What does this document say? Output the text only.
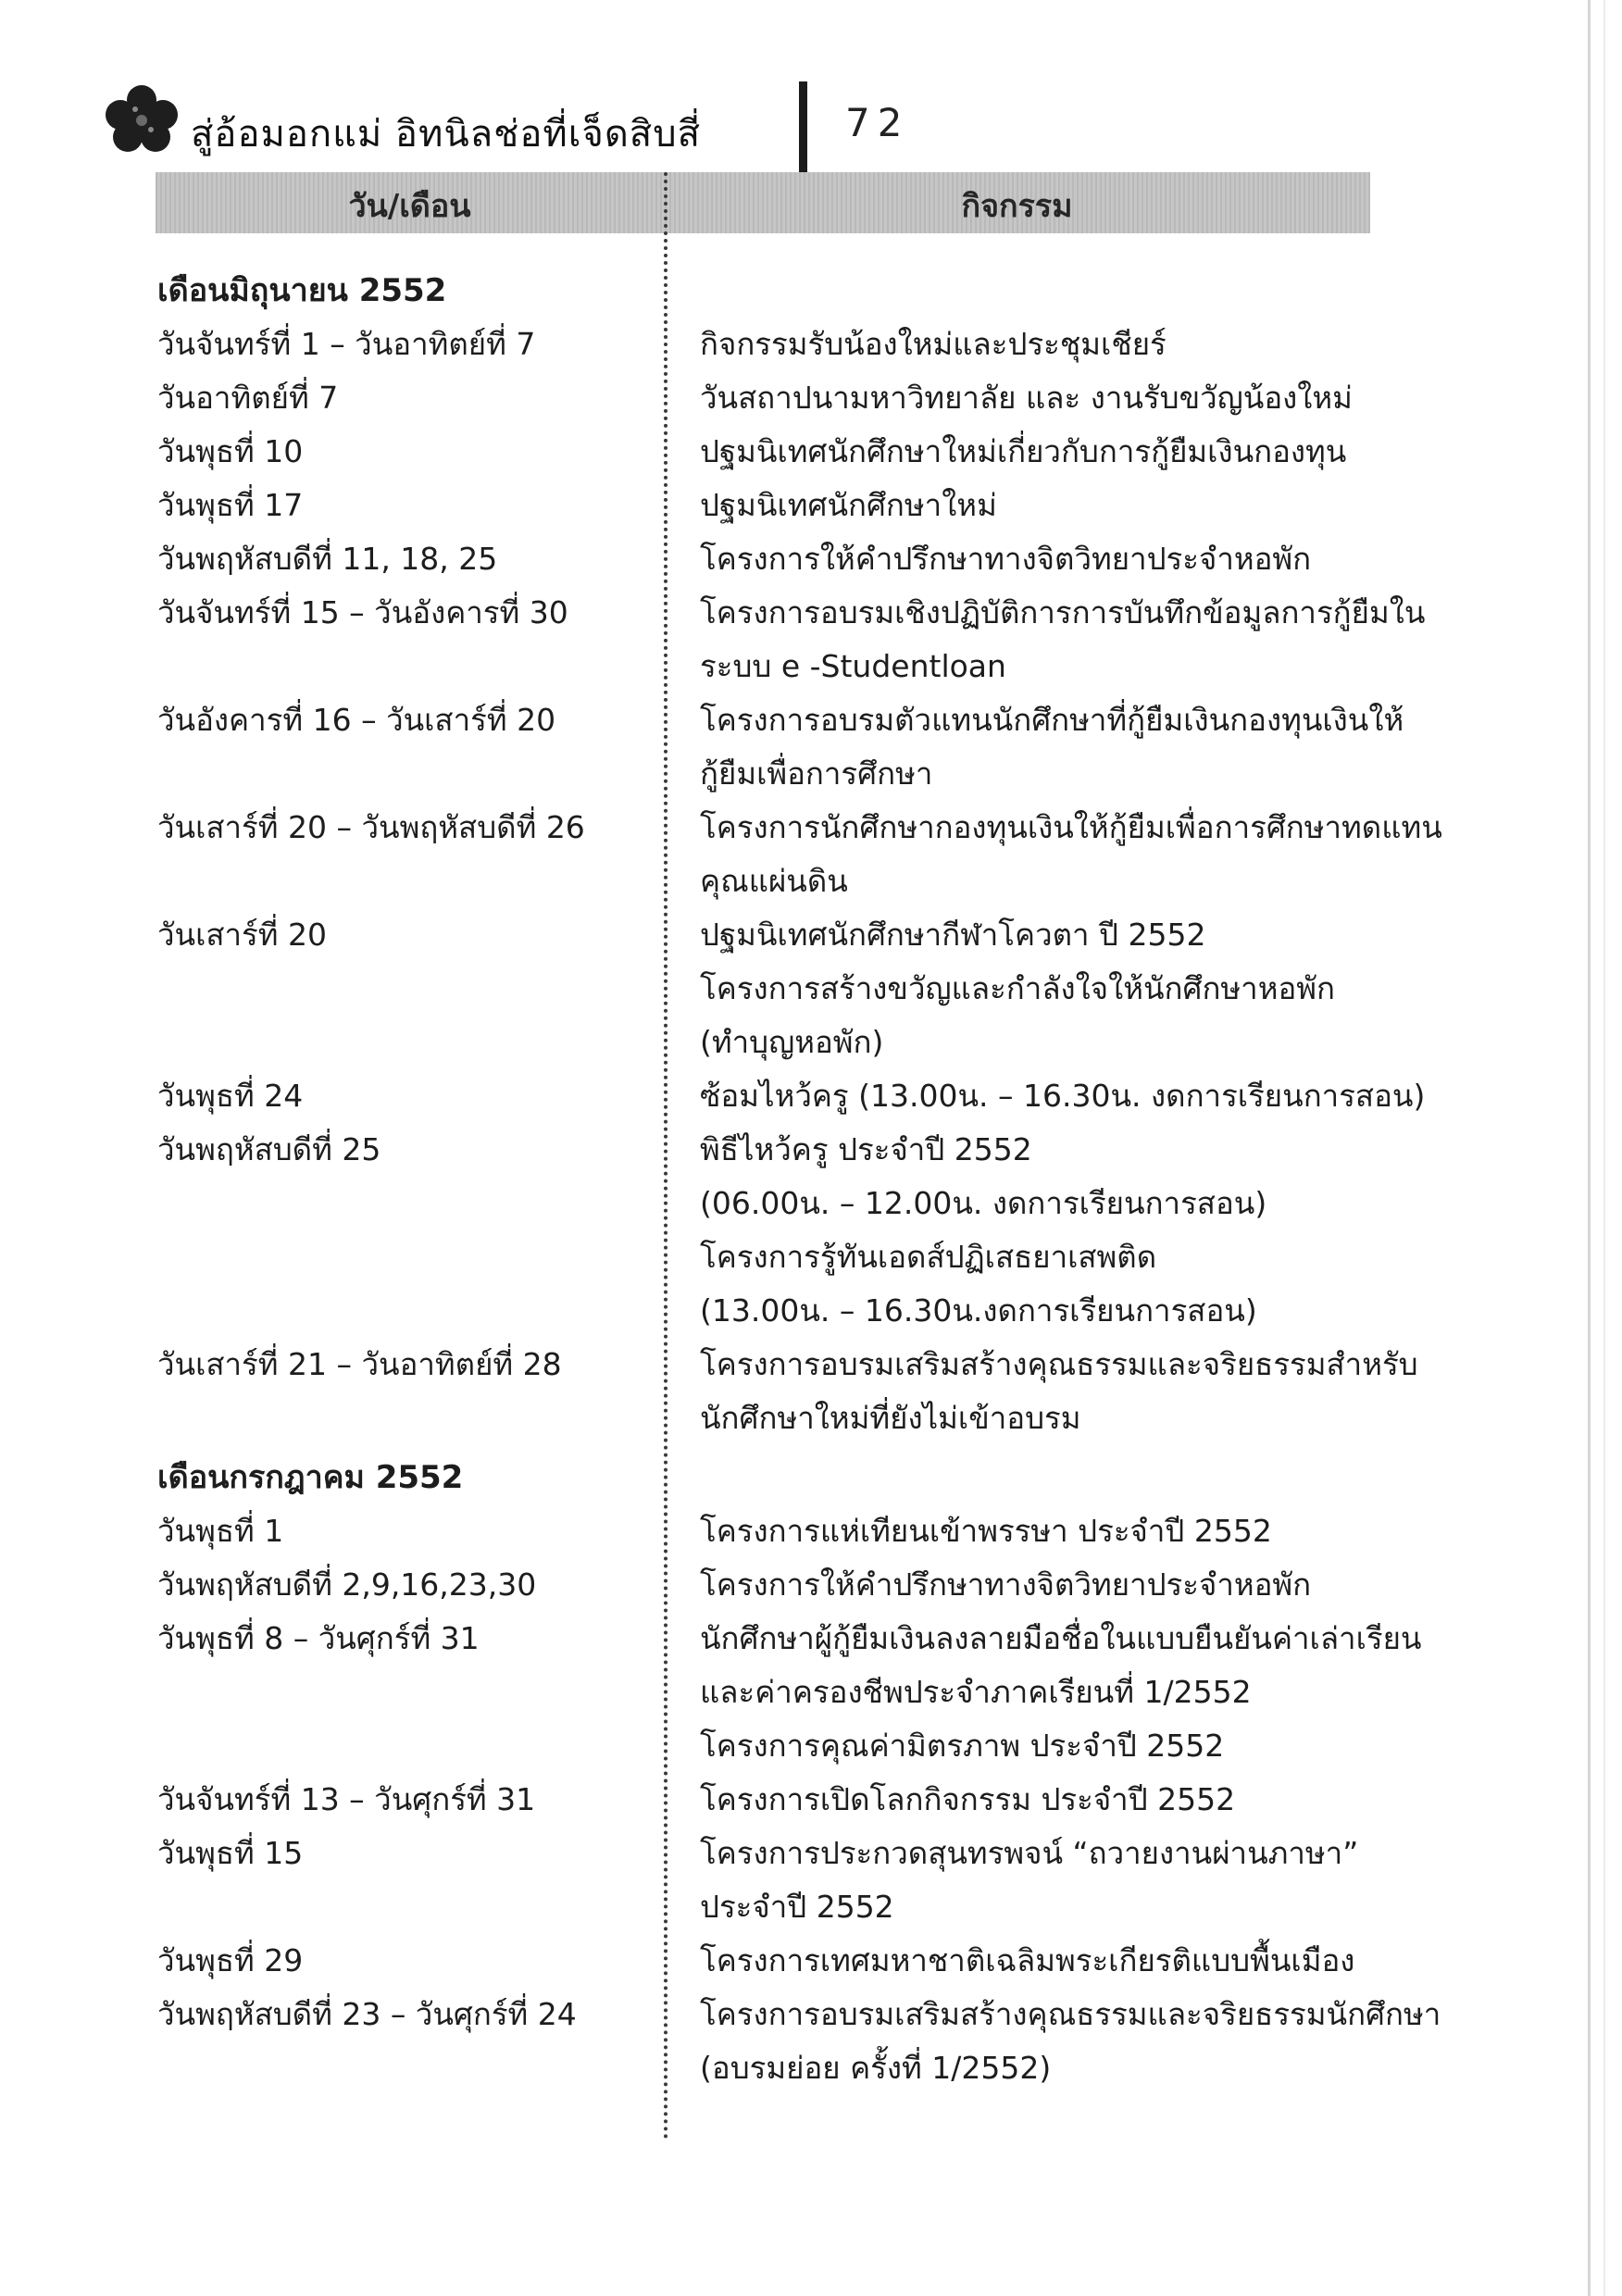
สู่อ้อมอกแม่ อิทนิลช่อที่เจ็ดสิบสี่	72
วัน/เดือน	กิจกรรม
เดือนมิถุนายน 2552
วันจันทร์ที่ 1 – วันอาทิตย์ที่ 7	กิจกรรมรับน้องใหม่และประชุมเชียร์
วันอาทิตย์ที่ 7	วันสถาปนามหาวิทยาลัย และ งานรับขวัญน้องใหม่
วันพุธที่ 10	ปฐมนิเทศนักศึกษาใหม่เกี่ยวกับการกู้ยืมเงินกองทุน
วันพุธที่ 17	ปฐมนิเทศนักศึกษาใหม่
วันพฤหัสบดีที่ 11, 18, 25	โครงการให้คำปรึกษาทางจิตวิทยาประจำหอพัก
วันจันทร์ที่ 15 – วันอังคารที่ 30	โครงการอบรมเชิงปฏิบัติการการบันทึกข้อมูลการกู้ยืมใน
ระบบ e -Studentloan
วันอังคารที่ 16 – วันเสาร์ที่ 20	โครงการอบรมตัวแทนนักศึกษาที่กู้ยืมเงินกองทุนเงินให้
กู้ยืมเพื่อการศึกษา
วันเสาร์ที่ 20 – วันพฤหัสบดีที่ 26	โครงการนักศึกษากองทุนเงินให้กู้ยืมเพื่อการศึกษาทดแทน
คุณแผ่นดิน
วันเสาร์ที่ 20	ปฐมนิเทศนักศึกษากีฬาโควตา ปี 2552
โครงการสร้างขวัญและกำลังใจให้นักศึกษาหอพัก
(ทำบุญหอพัก)
วันพุธที่ 24	ซ้อมไหว้ครู (13.00น. – 16.30น. งดการเรียนการสอน)
วันพฤหัสบดีที่ 25	พิธีไหว้ครู ประจำปี 2552
(06.00น. – 12.00น. งดการเรียนการสอน)
โครงการรู้ทันเอดส์ปฏิเสธยาเสพติด
(13.00น. – 16.30น.งดการเรียนการสอน)
วันเสาร์ที่ 21 – วันอาทิตย์ที่ 28	โครงการอบรมเสริมสร้างคุณธรรมและจริยธรรมสำหรับ
นักศึกษาใหม่ที่ยังไม่เข้าอบรม
เดือนกรกฎาคม 2552
วันพุธที่ 1	โครงการแห่เทียนเข้าพรรษา ประจำปี 2552
วันพฤหัสบดีที่ 2,9,16,23,30	โครงการให้คำปรึกษาทางจิตวิทยาประจำหอพัก
วันพุธที่ 8 – วันศุกร์ที่ 31	นักศึกษาผู้กู้ยืมเงินลงลายมือชื่อในแบบยืนยันค่าเล่าเรียน
และค่าครองชีพประจำภาคเรียนที่ 1/2552
โครงการคุณค่ามิตรภาพ ประจำปี 2552
วันจันทร์ที่ 13 – วันศุกร์ที่ 31	โครงการเปิดโลกกิจกรรม ประจำปี 2552
วันพุธที่ 15	โครงการประกวดสุนทรพจน์ “ถวายงานผ่านภาษา”
ประจำปี 2552
วันพุธที่ 29	โครงการเทศมหาชาติเฉลิมพระเกียรติแบบพื้นเมือง
วันพฤหัสบดีที่ 23 – วันศุกร์ที่ 24	โครงการอบรมเสริมสร้างคุณธรรมและจริยธรรมนักศึกษา
(อบรมย่อย ครั้งที่ 1/2552)
